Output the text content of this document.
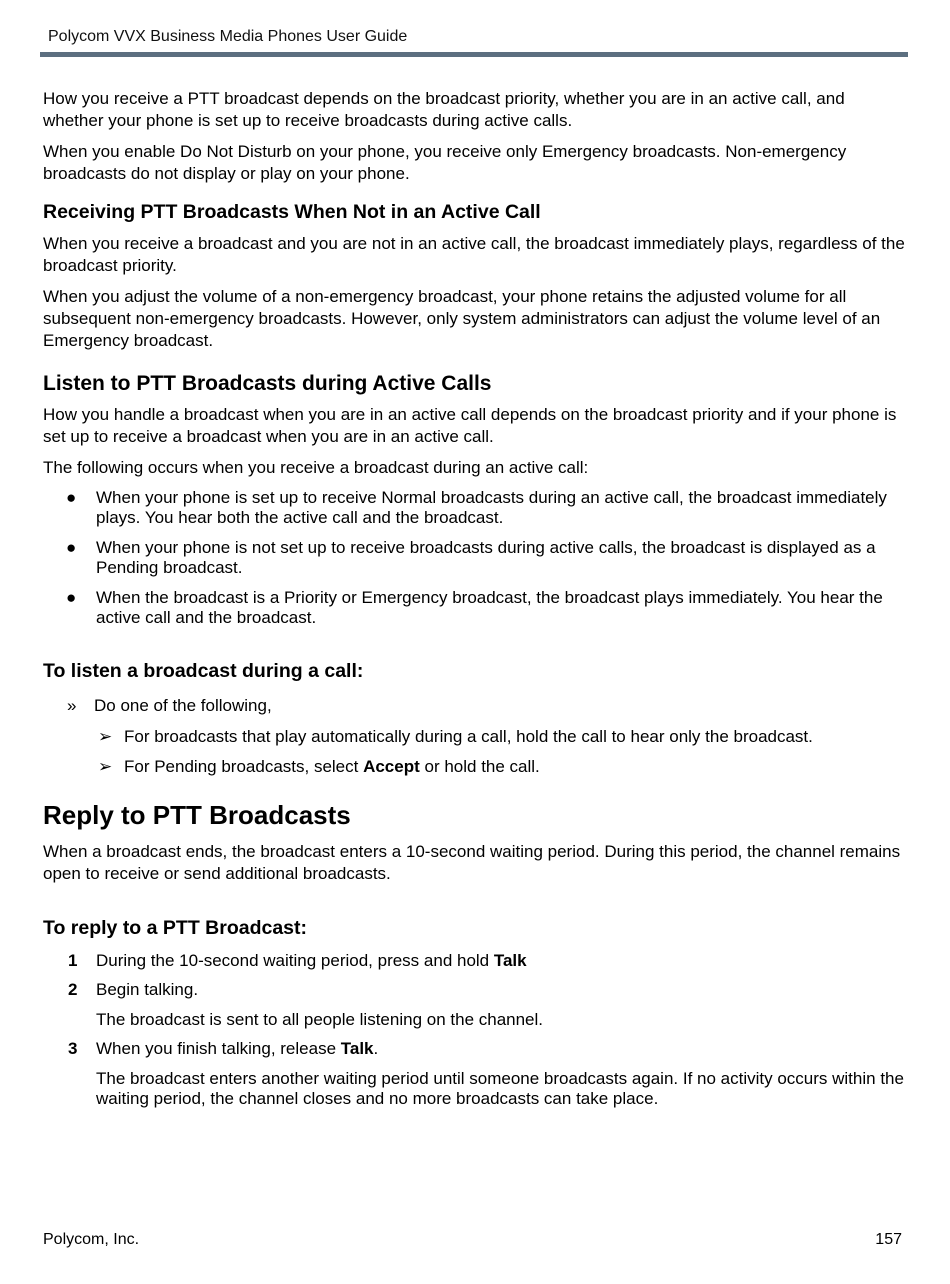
Polycom VVX Business Media Phones User Guide

How you receive a PTT broadcast depends on the broadcast priority, whether you are in an active call, and whether your phone is set up to receive broadcasts during active calls.

When you enable Do Not Disturb on your phone, you receive only Emergency broadcasts. Non-emergency broadcasts do not display or play on your phone.

Receiving PTT Broadcasts When Not in an Active Call

When you receive a broadcast and you are not in an active call, the broadcast immediately plays, regardless of the broadcast priority.

When you adjust the volume of a non-emergency broadcast, your phone retains the adjusted volume for all subsequent non-emergency broadcasts. However, only system administrators can adjust the volume level of an Emergency broadcast.

Listen to PTT Broadcasts during Active Calls

How you handle a broadcast when you are in an active call depends on the broadcast priority and if your phone is set up to receive a broadcast when you are in an active call.

The following occurs when you receive a broadcast during an active call:

● When your phone is set up to receive Normal broadcasts during an active call, the broadcast immediately plays. You hear both the active call and the broadcast.
● When your phone is not set up to receive broadcasts during active calls, the broadcast is displayed as a Pending broadcast.
● When the broadcast is a Priority or Emergency broadcast, the broadcast plays immediately. You hear the active call and the broadcast.
To listen a broadcast during a call:
» Do one of the following,
➢ For broadcasts that play automatically during a call, hold the call to hear only the broadcast.
➢ For Pending broadcasts, select Accept or hold the call.
Reply to PTT Broadcasts

When a broadcast ends, the broadcast enters a 10-second waiting period. During this period, the channel remains open to receive or send additional broadcasts.

To reply to a PTT Broadcast:
1 During the 10-second waiting period, press and hold Talk
2 Begin talking.
The broadcast is sent to all people listening on the channel.
3 When you finish talking, release Talk.
The broadcast enters another waiting period until someone broadcasts again. If no activity occurs within the waiting period, the channel closes and no more broadcasts can take place.
Polycom, Inc.	157
